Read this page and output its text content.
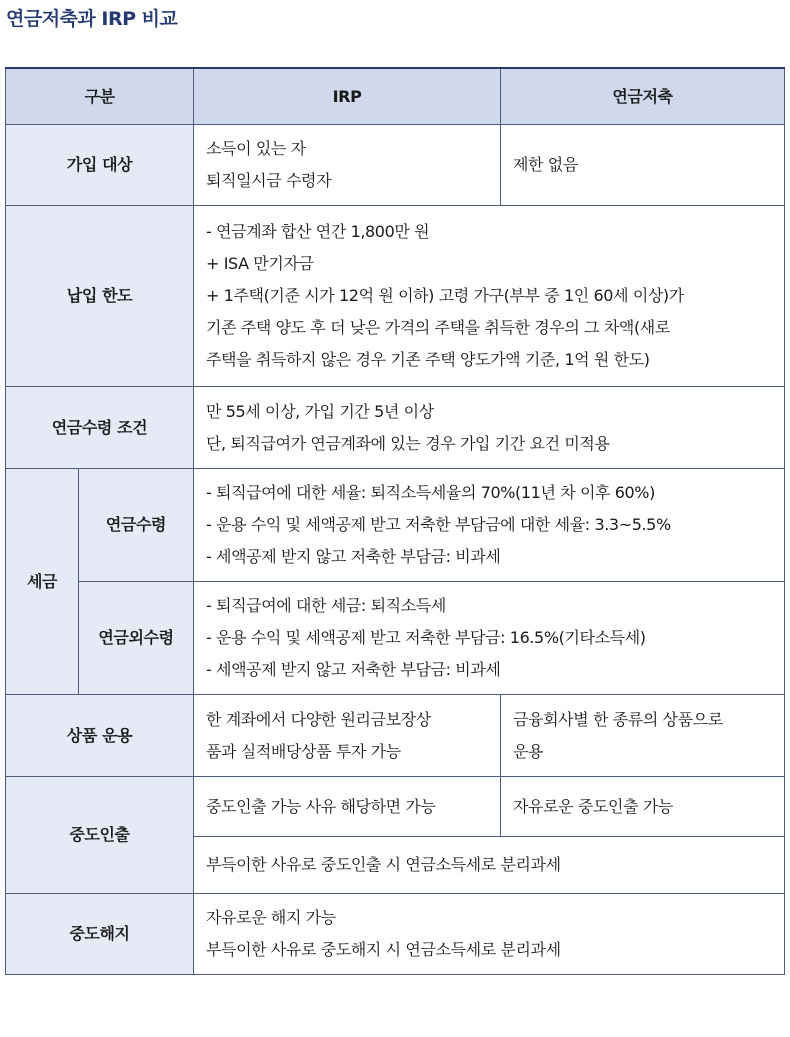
연금저축과 IRP 비교
구분		IRP	연금저축
가입 대상		소득이 있는 자
퇴직일시금 수령자	제한 없음
납입 한도		- 연금계좌 합산 연간 1,800만 원
+ ISA 만기자금
+ 1주택(기준 시가 12억 원 이하) 고령 가구(부부 중 1인 60세 이상)가
기존 주택 양도 후 더 낮은 가격의 주택을 취득한 경우의 그 차액(새로
주택을 취득하지 않은 경우 기존 주택 양도가액 기준, 1억 원 한도)	

연금수령 조건		만 55세 이상, 가입 기간 5년 이상
단, 퇴직급여가 연금계좌에 있는 경우 가입 기간 요건 미적용	

세금	연금수령	- 퇴직급여에 대한 세율: 퇴직소득세율의 70%(11년 차 이후 60%)
- 운용 수익 및 세액공제 받고 저축한 부담금에 대한 세율: 3.3~5.5%
- 세액공제 받지 않고 저축한 부담금: 비과세	

	연금외수령	- 퇴직급여에 대한 세금: 퇴직소득세
- 운용 수익 및 세액공제 받고 저축한 부담금: 16.5%(기타소득세)
- 세액공제 받지 않고 저축한 부담금: 비과세	

상품 운용		한 계좌에서 다양한 원리금보장상
품과 실적배당상품 투자 가능	금융회사별 한 종류의 상품으로
운용

중도인출		중도인출 가능 사유 해당하면 가능	자유로운 중도인출 가능
		부득이한 사유로 중도인출 시 연금소득세로 분리과세	
중도해지		자유로운 해지 가능
부득이한 사유로 중도해지 시 연금소득세로 분리과세	
